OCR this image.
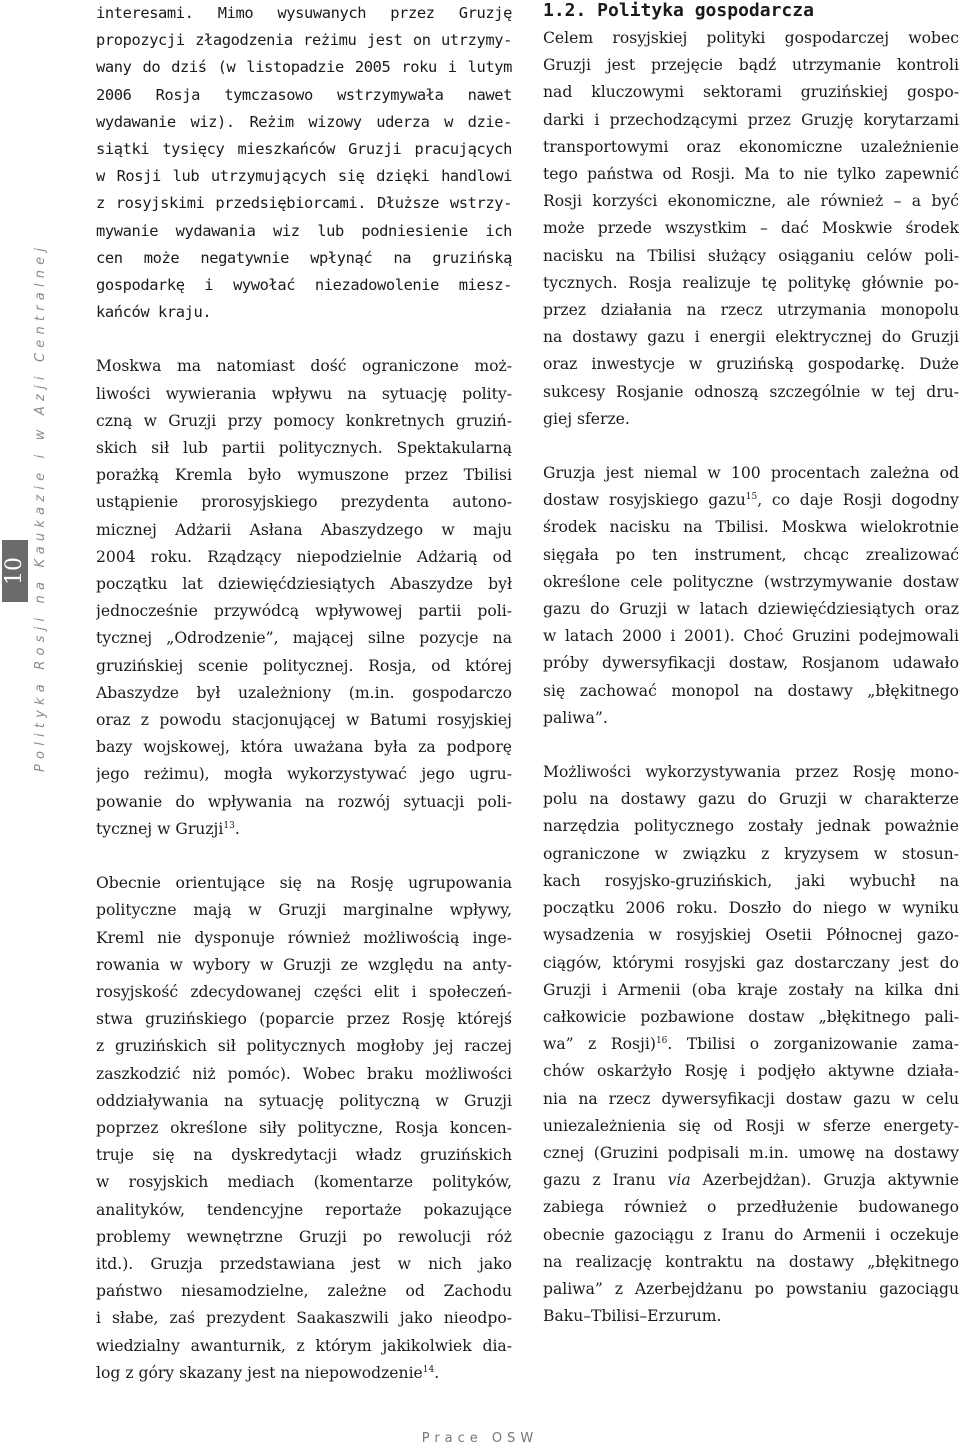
10 Polityka Rosji na Kaukazie i w Azji Centralnej

interesami. Mimo wysuwanych przez Gruzję
propozycji złagodzenia reżimu jest on utrzymy-
wany do dziś (w listopadzie 2005 roku i lutym
2006 Rosja tymczasowo wstrzymywała nawet
wydawanie wiz). Reżim wizowy uderza w dzie-
siątki tysięcy mieszkańców Gruzji pracujących
w Rosji lub utrzymujących się dzięki handlowi
z rosyjskimi przedsiębiorcami. Dłuższe wstrzy-
mywanie wydawania wiz lub podniesienie ich
cen może negatywnie wpłynąć na gruzińską
gospodarkę i wywołać niezadowolenie miesz-
kańców kraju.

Moskwa ma natomiast dość ograniczone moż-
liwości wywierania wpływu na sytuację polity-
czną w Gruzji przy pomocy konkretnych gruziń-
skich sił lub partii politycznych. Spektakularną
porażką Kremla było wymuszone przez Tbilisi
ustąpienie prorosyjskiego prezydenta autono-
micznej Adżarii Asłana Abaszydzego w maju
2004 roku. Rządzący niepodzielnie Adżarią od
początku lat dziewięćdziesiątych Abaszydze był
jednocześnie przywódcą wpływowej partii poli-
tycznej „Odrodzenie”, mającej silne pozycje na
gruzińskiej scenie politycznej. Rosja, od której
Abaszydze był uzależniony (m.in. gospodarczo
oraz z powodu stacjonującej w Batumi rosyjskiej
bazy wojskowej, która uważana była za podporę
jego reżimu), mogła wykorzystywać jego ugru-
powanie do wpływania na rozwój sytuacji poli-
tycznej w Gruzji$^{13}$.

Obecnie orientujące się na Rosję ugrupowania
polityczne mają w Gruzji marginalne wpływy,
Kreml nie dysponuje również możliwością inge-
rowania w wybory w Gruzji ze względu na anty-
rosyjskość zdecydowanej części elit i społeczeń-
stwa gruzińskiego (poparcie przez Rosję którejś
z gruzińskich sił politycznych mogłoby jej raczej
zaszkodzić niż pomóc). Wobec braku możliwości
oddziaływania na sytuację polityczną w Gruzji
poprzez określone siły polityczne, Rosja koncen-
truje się na dyskredytacji władz gruzińskich
w rosyjskich mediach (komentarze polityków,
analityków, tendencyjne reportaże pokazujące
problemy wewnętrzne Gruzji po rewolucji róż
itd.). Gruzja przedstawiana jest w nich jako
państwo niesamodzielne, zależne od Zachodu
i słabe, zaś prezydent Saakaszwili jako nieodpo-
wiedzialny awanturnik, z którym jakikolwiek dia-
log z góry skazany jest na niepowodzenie$^{14}$.

1.2. Polityka gospodarcza

Celem rosyjskiej polityki gospodarczej wobec
Gruzji jest przejęcie bądź utrzymanie kontroli
nad kluczowymi sektorami gruzińskiej gospo-
darki i przechodzącymi przez Gruzję korytarzami
transportowymi oraz ekonomiczne uzależnienie
tego państwa od Rosji. Ma to nie tylko zapewnić
Rosji korzyści ekonomiczne, ale również – a być
może przede wszystkim – dać Moskwie środek
nacisku na Tbilisi służący osiąganiu celów poli-
tycznych. Rosja realizuje tę politykę głównie po-
przez działania na rzecz utrzymania monopolu
na dostawy gazu i energii elektrycznej do Gruzji
oraz inwestycje w gruzińską gospodarkę. Duże
sukcesy Rosjanie odnoszą szczególnie w tej dru-
giej sferze.

Gruzja jest niemal w 100 procentach zależna od
dostaw rosyjskiego gazu$^{15}$, co daje Rosji dogodny
środek nacisku na Tbilisi. Moskwa wielokrotnie
sięgała po ten instrument, chcąc zrealizować
określone cele polityczne (wstrzymywanie dostaw
gazu do Gruzji w latach dziewięćdziesiątych oraz
w latach 2000 i 2001). Choć Gruzini podejmowali
próby dywersyfikacji dostaw, Rosjanom udawało
się zachować monopol na dostawy „błękitnego
paliwa”.

Możliwości wykorzystywania przez Rosję mono-
polu na dostawy gazu do Gruzji w charakterze
narzędzia politycznego zostały jednak poważnie
ograniczone w związku z kryzysem w stosun-
kach rosyjsko-gruzińskich, jaki wybuchł na
początku 2006 roku. Doszło do niego w wyniku
wysadzenia w rosyjskiej Osetii Północnej gazo-
ciągów, którymi rosyjski gaz dostarczany jest do
Gruzji i Armenii (oba kraje zostały na kilka dni
całkowicie pozbawione dostaw „błękitnego pali-
wa” z Rosji)$^{16}$. Tbilisi o zorganizowanie zama-
chów oskarżyło Rosję i podjęło aktywne działa-
nia na rzecz dywersyfikacji dostaw gazu w celu
uniezależnienia się od Rosji w sferze energety-
czne​j (Gruzini podpisali m.in. umowę na dostawy
gazu z Iranu via Azerbejdżan). Gruzja aktywnie
zabiega również o przedłużenie budowanego
obecnie gazociągu z Iranu do Armenii i oczekuje
na realizację kontraktu na dostawy „błękitnego
paliwa” z Azerbejdżanu po powstaniu gazociągu
Baku–Tbilisi–Erzurum.

Prace OSW
